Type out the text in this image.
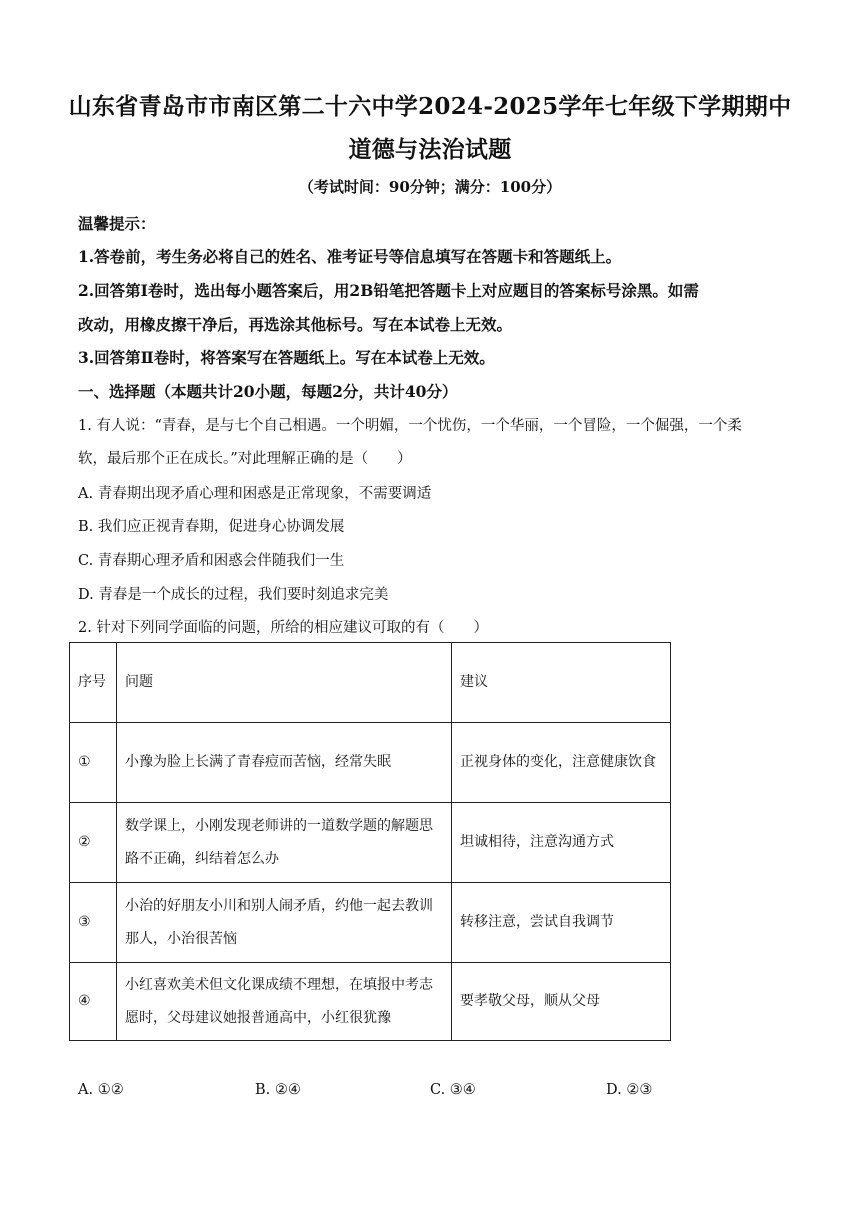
山东省青岛市市南区第二十六中学2024-2025学年七年级下学期期中
道德与法治试题
（考试时间：90分钟；满分：100分）
温馨提示：
1.答卷前，考生务必将自己的姓名、准考证号等信息填写在答题卡和答题纸上。
2.回答第Ⅰ卷时，选出每小题答案后，用2B铅笔把答题卡上对应题目的答案标号涂黑。如需
改动，用橡皮擦干净后，再选涂其他标号。写在本试卷上无效。
3.回答第Ⅱ卷时，将答案写在答题纸上。写在本试卷上无效。
一、选择题（本题共计20小题，每题2分，共计40分）
1. 有人说：“青春，是与七个自己相遇。一个明媚，一个忧伤，一个华丽，一个冒险，一个倔强，一个柔
软，最后那个正在成长。”对此理解正确的是（　　）
A. 青春期出现矛盾心理和困惑是正常现象，不需要调适
B. 我们应正视青春期，促进身心协调发展
C. 青春期心理矛盾和困惑会伴随我们一生
D. 青春是一个成长的过程，我们要时刻追求完美
2. 针对下列同学面临的问题，所给的相应建议可取的有（　　）
序号	问题	建议
①	小豫为脸上长满了青春痘而苦恼，经常失眠	正视身体的变化，注意健康饮食
②	数学课上，小刚发现老师讲的一道数学题的解题思路不正确，纠结着怎么办	坦诚相待，注意沟通方式
③	小治的好朋友小川和别人闹矛盾，约他一起去教训那人，小治很苦恼	转移注意，尝试自我调节
④	小红喜欢美术但文化课成绩不理想，在填报中考志愿时，父母建议她报普通高中，小红很犹豫	要孝敬父母，顺从父母
A. ①②	B. ②④	C. ③④	D. ②③
